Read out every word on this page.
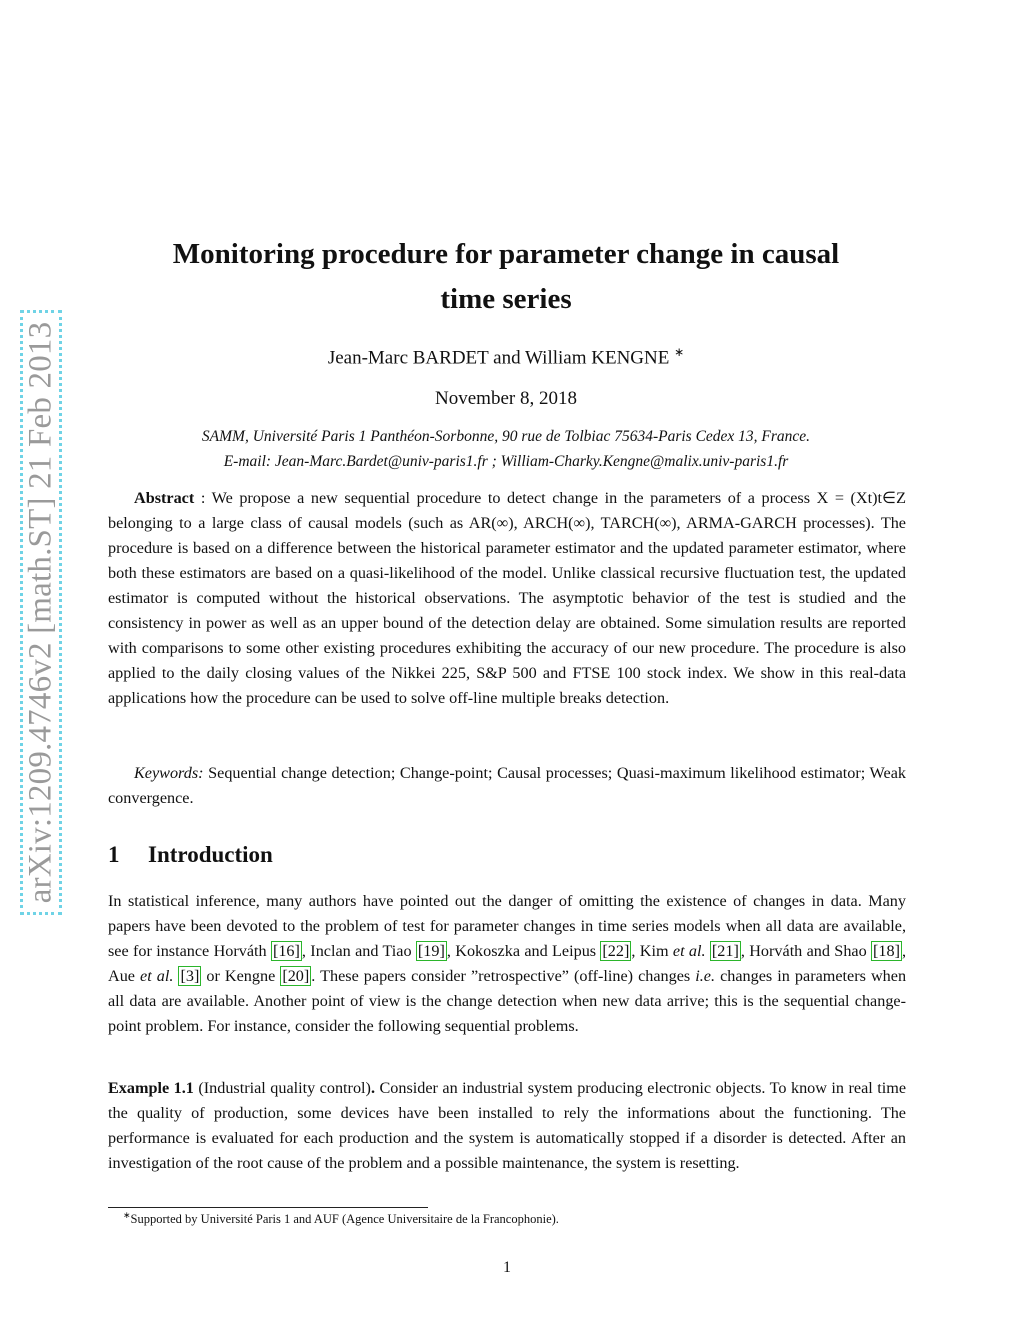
arXiv:1209.4746v2 [math.ST] 21 Feb 2013
Monitoring procedure for parameter change in causal
time series
Jean-Marc BARDET and William KENGNE ∗
November 8, 2018
SAMM, Université Paris 1 Panthéon-Sorbonne, 90 rue de Tolbiac 75634-Paris Cedex 13, France.
E-mail: Jean-Marc.Bardet@univ-paris1.fr ; William-Charky.Kengne@malix.univ-paris1.fr
Abstract : We propose a new sequential procedure to detect change in the parameters of a process X = (Xt)t∈Z belonging to a large class of causal models (such as AR(∞), ARCH(∞), TARCH(∞), ARMA-GARCH processes). The procedure is based on a difference between the historical parameter estimator and the updated parameter estimator, where both these estimators are based on a quasi-likelihood of the model. Unlike classical recursive fluctuation test, the updated estimator is computed without the historical observations. The asymptotic behavior of the test is studied and the consistency in power as well as an upper bound of the detection delay are obtained. Some simulation results are reported with comparisons to some other existing procedures exhibiting the accuracy of our new procedure. The procedure is also applied to the daily closing values of the Nikkei 225, S&P 500 and FTSE 100 stock index. We show in this real-data applications how the procedure can be used to solve off-line multiple breaks detection.
Keywords: Sequential change detection; Change-point; Causal processes; Quasi-maximum likelihood estimator; Weak convergence.
1 Introduction
In statistical inference, many authors have pointed out the danger of omitting the existence of changes in data. Many papers have been devoted to the problem of test for parameter changes in time series models when all data are available, see for instance Horváth [16] , Inclan and Tiao [19] , Kokoszka and Leipus [22] , Kim et al. [21] , Horváth and Shao [18] , Aue et al. [3] or Kengne [20] . These papers consider ”retrospective” (off-line) changes i.e. changes in parameters when all data are available. Another point of view is the change detection when new data arrive; this is the sequential change-point problem. For instance, consider the following sequential problems.
Example 1.1 (Industrial quality control). Consider an industrial system producing electronic objects. To know in real time the quality of production, some devices have been installed to rely the informations about the functioning. The performance is evaluated for each production and the system is automatically stopped if a disorder is detected. After an investigation of the root cause of the problem and a possible maintenance, the system is resetting.
∗Supported by Université Paris 1 and AUF (Agence Universitaire de la Francophonie).
1
